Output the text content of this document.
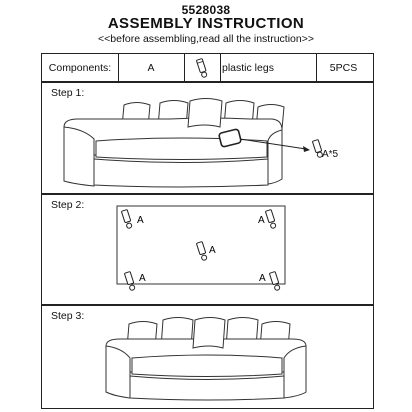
5528038
ASSEMBLY INSTRUCTION
<<before assembling,read all the instruction>>
Components:	A	plastic legs	5PCS
Step 1:
A*5
Step 2:
A	A
A
A	A
Step 3:
